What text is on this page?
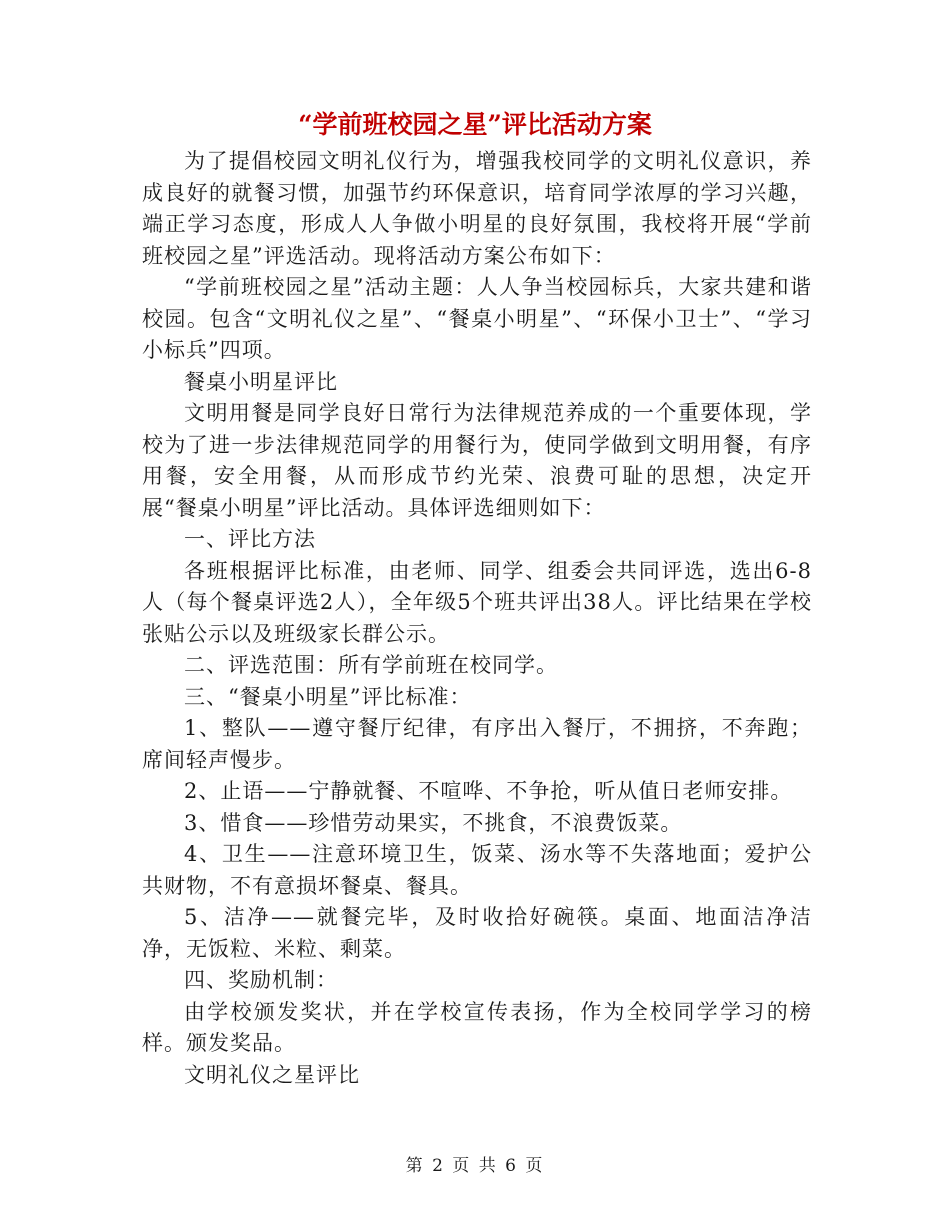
“学前班校园之星”评比活动方案

为了提倡校园文明礼仪行为，增强我校同学的文明礼仪意识，养成良好的就餐习惯，加强节约环保意识，培育同学浓厚的学习兴趣，端正学习态度，形成人人争做小明星的良好氛围，我校将开展“学前班校园之星”评选活动。现将活动方案公布如下：

“学前班校园之星”活动主题：人人争当校园标兵，大家共建和谐校园。包含“文明礼仪之星”、“餐桌小明星”、“环保小卫士”、“学习小标兵”四项。

餐桌小明星评比

文明用餐是同学良好日常行为法律规范养成的一个重要体现，学校为了进一步法律规范同学的用餐行为，使同学做到文明用餐，有序用餐，安全用餐，从而形成节约光荣、浪费可耻的思想，决定开展“餐桌小明星”评比活动。具体评选细则如下：

一、评比方法

各班根据评比标准，由老师、同学、组委会共同评选，选出6-8人（每个餐桌评选2人），全年级5个班共评出38人。评比结果在学校张贴公示以及班级家长群公示。

二、评选范围：所有学前班在校同学。

三、“餐桌小明星”评比标准：

1、整队——遵守餐厅纪律，有序出入餐厅，不拥挤，不奔跑；席间轻声慢步。

2、止语——宁静就餐、不喧哗、不争抢，听从值日老师安排。

3、惜食——珍惜劳动果实，不挑食，不浪费饭菜。

4、卫生——注意环境卫生，饭菜、汤水等不失落地面；爱护公共财物，不有意损坏餐桌、餐具。

5、洁净——就餐完毕，及时收拾好碗筷。桌面、地面洁净洁净，无饭粒、米粒、剩菜。

四、奖励机制：

由学校颁发奖状，并在学校宣传表扬，作为全校同学学习的榜样。颁发奖品。

文明礼仪之星评比

第 2 页 共 6 页
